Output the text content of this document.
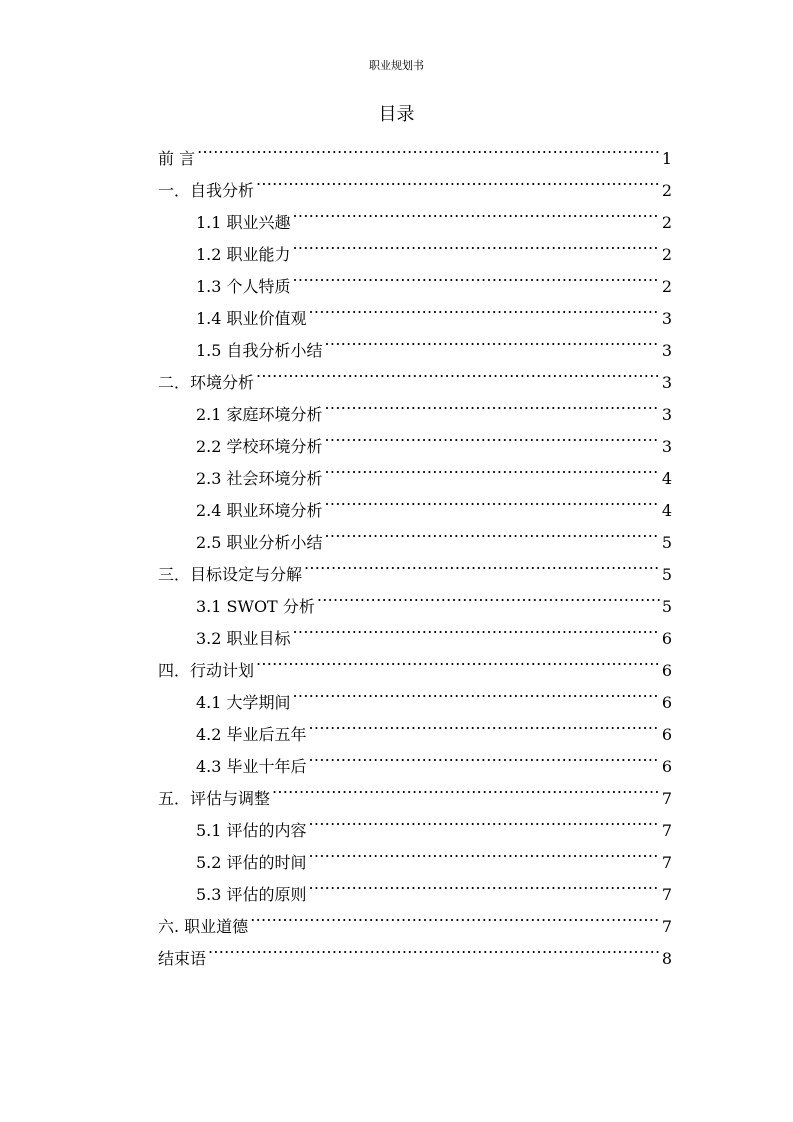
职业规划书
目录
前 言 .....	1
一．自我分析 .....	2
1.1 职业兴趣 .....	2
1.2 职业能力 .....	2
1.3 个人特质 .....	2
1.4 职业价值观 .....	3
1.5 自我分析小结 .....	3
二．环境分析 .....	3
2.1 家庭环境分析 .....	3
2.2 学校环境分析 .....	3
2.3 社会环境分析 .....	4
2.4 职业环境分析 .....	4
2.5 职业分析小结 .....	5
三．目标设定与分解 .....	5
3.1 SWOT 分析 .....	5
3.2 职业目标 .....	6
四．行动计划 .....	6
4.1 大学期间 .....	6
4.2 毕业后五年 .....	6
4.3 毕业十年后 .....	6
五．评估与调整 .....	7
5.1 评估的内容 .....	7
5.2 评估的时间 .....	7
5.3 评估的原则 .....	7
六. 职业道德 .....	7
结束语 .....	8
